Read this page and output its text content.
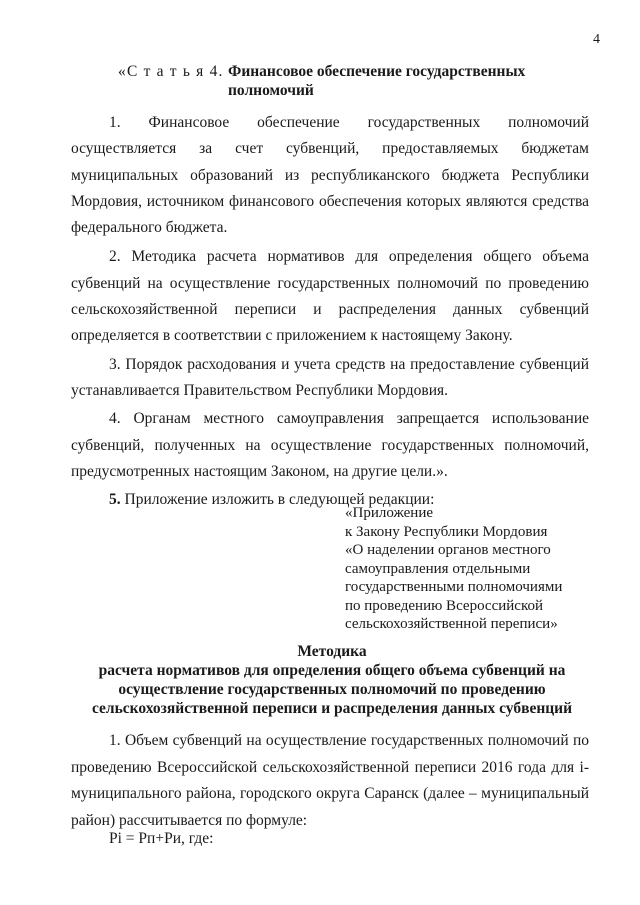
4
«С т а т ь я 4. Финансовое обеспечение государственных
полномочий

1. Финансовое обеспечение государственных полномочий осуществляется за счет субвенций, предоставляемых бюджетам муниципальных образований из республиканского бюджета Республики Мордовия, источником финансового обеспечения которых являются средства федерального бюджета.

2. Методика расчета нормативов для определения общего объема субвенций на осуществление государственных полномочий по проведению сельскохозяйственной переписи и распределения данных субвенций определяется в соответствии с приложением к настоящему Закону.

3. Порядок расходования и учета средств на предоставление субвенций устанавливается Правительством Республики Мордовия.

4. Органам местного самоуправления запрещается использование субвенций, полученных на осуществление государственных полномочий, предусмотренных настоящим Законом, на другие цели.».

5. Приложение изложить в следующей редакции:

«Приложение
к Закону Республики Мордовия
«О наделении органов местного
самоуправления отдельными
государственными полномочиями
по проведению Всероссийской
сельскохозяйственной переписи»
Методика
расчета нормативов для определения общего объема субвенций на
осуществление государственных полномочий по проведению
сельскохозяйственной переписи и распределения данных субвенций

1. Объем субвенций на осуществление государственных полномочий по проведению Всероссийской сельскохозяйственной переписи 2016 года для i-муниципального района, городского округа Саранск (далее – муниципальный район) рассчитывается по формуле:

Рi = Рп+Ри, где:
